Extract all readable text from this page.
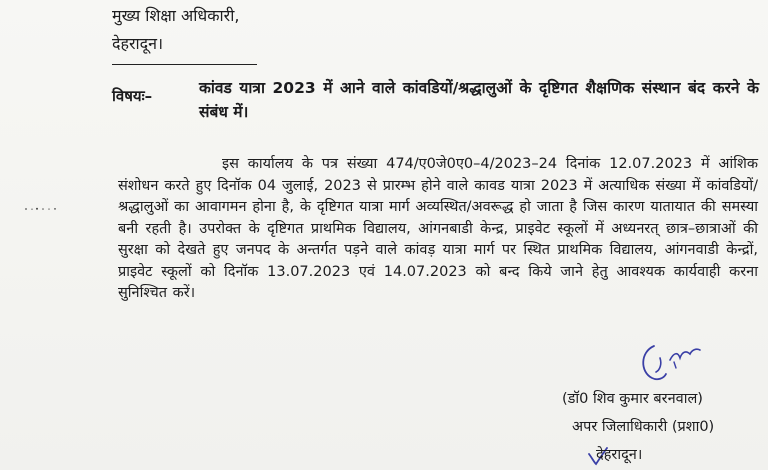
मुख्य शिक्षा अधिकारी,
देहरादून।
विषयः–	कांवड यात्रा 2023 में आने वाले कांवडियों/श्रद्धालुओं के दृष्टिगत शैक्षणिक संस्थान बंद करने के संबंध में।
इस कार्यालय के पत्र संख्या 474/ए0जे0ए0–4/2023–24 दिनांक 12.07.2023 में आंशिक संशोधन करते हुए दिनॉक 04 जुलाई, 2023 से प्रारम्भ होने वाले कावड यात्रा 2023 में अत्याधिक संख्या में कांवडियों/श्रद्धालुओं का आवागमन होना है, के दृष्टिगत यात्रा मार्ग अव्यस्थित/अवरूद्ध हो जाता है जिस कारण यातायात की समस्या बनी रहती है। उपरोक्त के दृष्टिगत प्राथमिक विद्यालय, आंगनबाडी केन्द्र, प्राइवेट स्कूलों में अध्यनरत् छात्र–छात्राओं की सुरक्षा को देखते हुए जनपद के अन्तर्गत पड़ने वाले कांवड़ यात्रा मार्ग पर स्थित प्राथमिक विद्यालय, आंगनवाडी केन्द्रों, प्राइवेट स्कूलों को दिनॉक 13.07.2023 एवं 14.07.2023 को बन्द किये जाने हेतु आवश्यक कार्यवाही करना सुनिश्चित करें।
(डॉ0 शिव कुमार बरनवाल)
अपर जिलाधिकारी (प्रशा0)
देहरादून।
